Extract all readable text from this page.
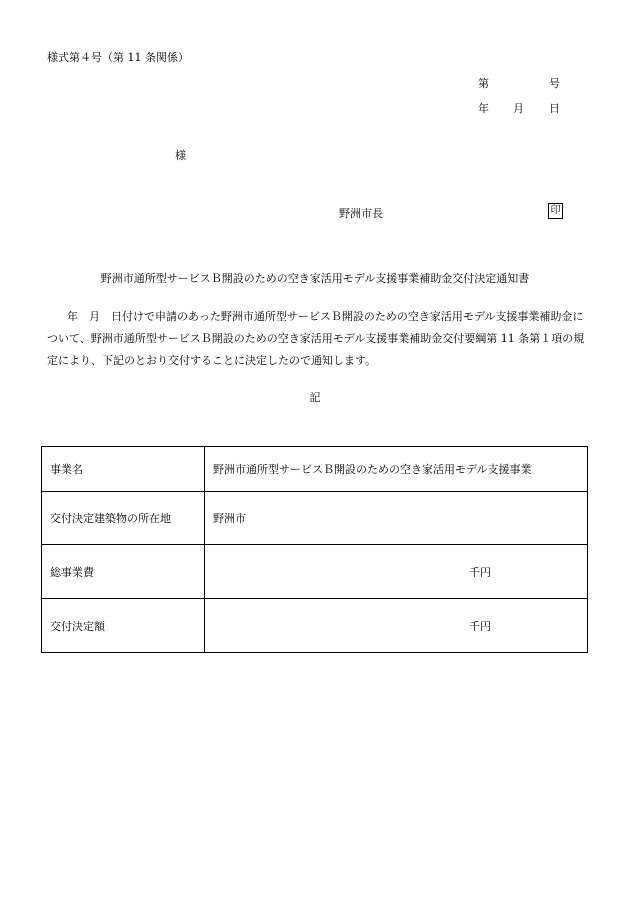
様式第４号（第 11 条関係）
第	号
年 月 日
様
野洲市長	印
野洲市通所型サービスＢ開設のための空き家活用モデル支援事業補助金交付決定通知書
年　月　日付けで申請のあった野洲市通所型サービスＢ開設のための空き家活用モデル支援事業補助金について、野洲市通所型サービスＢ開設のための空き家活用モデル支援事業補助金交付要綱第 11 条第１項の規定により、下記のとおり交付することに決定したので通知します。
記
事業名	野洲市通所型サービスＢ開設のための空き家活用モデル支援事業
交付決定建築物の所在地	野洲市
総事業費	千円
交付決定額	千円
